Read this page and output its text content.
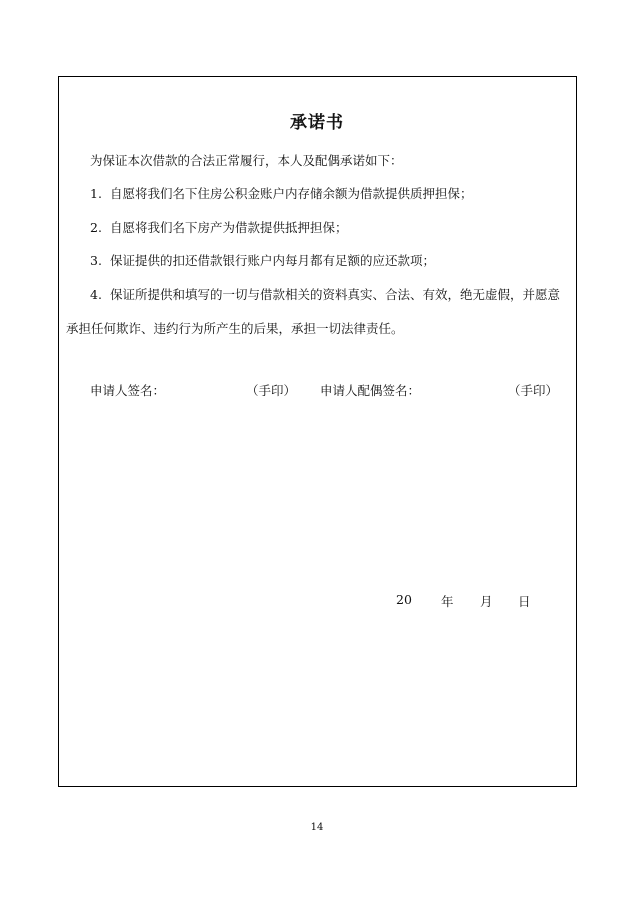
承诺书
为保证本次借款的合法正常履行，本人及配偶承诺如下：
1. 自愿将我们名下住房公积金账户内存储余额为借款提供质押担保；
2. 自愿将我们名下房产为借款提供抵押担保；
3. 保证提供的扣还借款银行账户内每月都有足额的应还款项；
4. 保证所提供和填写的一切与借款相关的资料真实、合法、有效，绝无虚假，并愿意
承担任何欺诈、违约行为所产生的后果，承担一切法律责任。
申请人签名：	（手印） 申请人配偶签名：	（手印）
20 年 月 日
14
